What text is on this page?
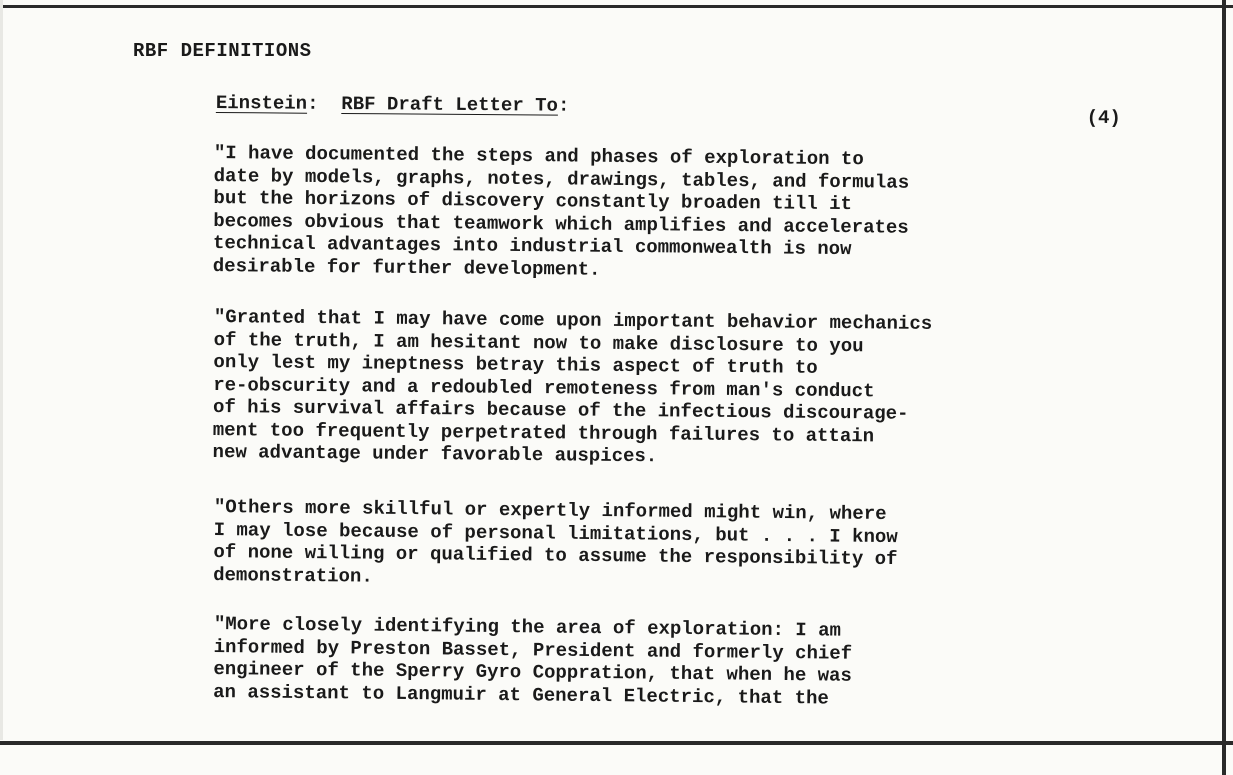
RBF DEFINITIONS
Einstein: RBF Draft Letter To:
(4)
"I have documented the steps and phases of exploration to
date by models, graphs, notes, drawings, tables, and formulas
but the horizons of discovery constantly broaden till it
becomes obvious that teamwork which amplifies and accelerates
technical advantages into industrial commonwealth is now
desirable for further development.
"Granted that I may have come upon important behavior mechanics
of the truth, I am hesitant now to make disclosure to you
only lest my ineptness betray this aspect of truth to
re-obscurity and a redoubled remoteness from man's conduct
of his survival affairs because of the infectious discourage-
ment too frequently perpetrated through failures to attain
new advantage under favorable auspices.
"Others more skillful or expertly informed might win, where
I may lose because of personal limitations, but . . . I know
of none willing or qualified to assume the responsibility of
demonstration.
"More closely identifying the area of exploration: I am
informed by Preston Basset, President and formerly chief
engineer of the Sperry Gyro Coppration, that when he was
an assistant to Langmuir at General Electric, that the
